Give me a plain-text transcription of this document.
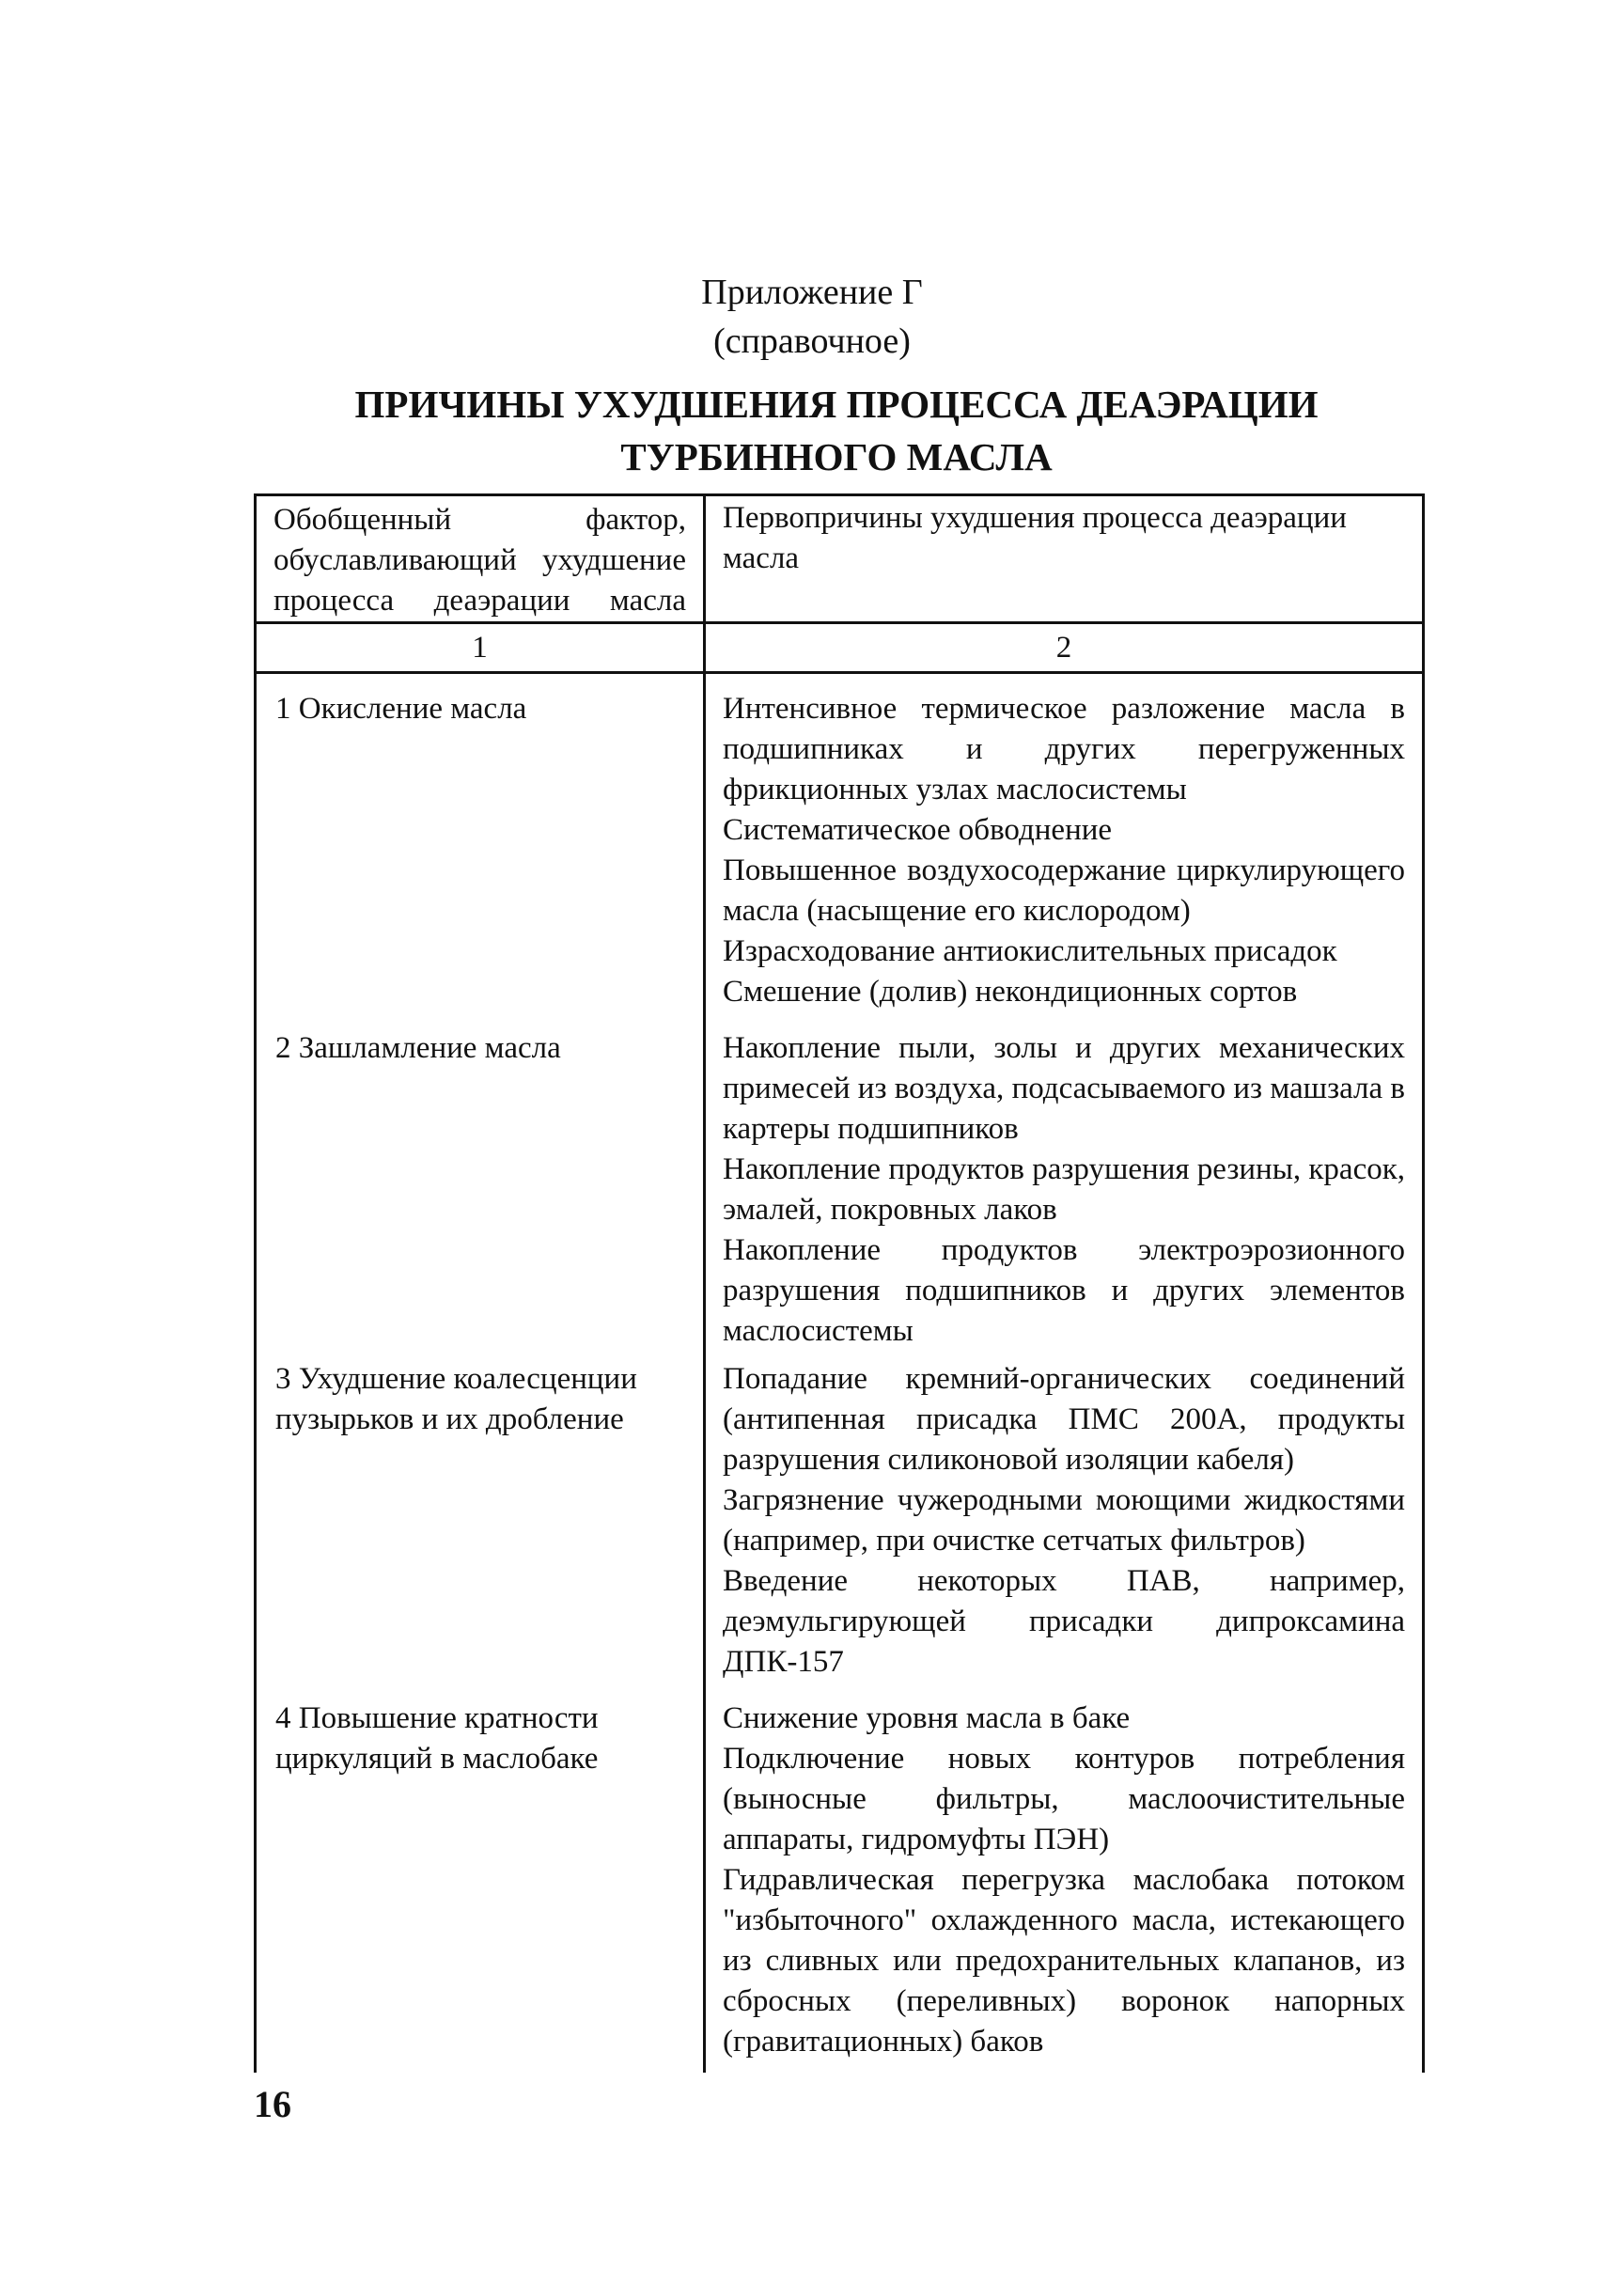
Приложение Г
(справочное)
ПРИЧИНЫ УХУДШЕНИЯ ПРОЦЕССА ДЕАЭРАЦИИ ТУРБИННОГО МАСЛА
Обобщенный фактор, обуславливающий ухудшение процесса деаэрации масла	Первопричины ухудшения процесса деаэрации масла
1	2
1 Окисление масла	Интенсивное термическое разложение масла в подшипниках и других перегруженных фрикционных узлах маслосистемы
Систематическое обводнение
Повышенное воздухосодержание циркулирующего масла (насыщение его кислородом)
Израсходование антиокислительных присадок
Смешение (долив) некондиционных сортов

2 Зашламление масла	Накопление пыли, золы и других механических примесей из воздуха, подсасываемого из машзала в картеры подшипников
Накопление продуктов разрушения резины, красок, эмалей, покровных лаков
Накопление продуктов электроэрозионного разрушения подшипников и других элементов маслосистемы

3 Ухудшение коалесценции пузырьков и их дробление	Попадание кремний-органических соединений (антипенная присадка ПМС 200А, продукты разрушения силиконовой изоляции кабеля)
Загрязнение чужеродными моющими жидкостями (например, при очистке сетчатых фильтров)
Введение некоторых ПАВ, например, деэмульгирующей присадки дипроксамина ДПК-157

4 Повышение кратности циркуляций в маслобаке	Снижение уровня масла в баке
Подключение новых контуров потребления (выносные фильтры, маслоочистительные аппараты, гидромуфты ПЭН)
Гидравлическая перегрузка маслобака потоком "избыточного" охлажденного масла, истекающего из сливных или предохранительных клапанов, из сбросных (переливных) воронок напорных (гравитационных) баков

16
